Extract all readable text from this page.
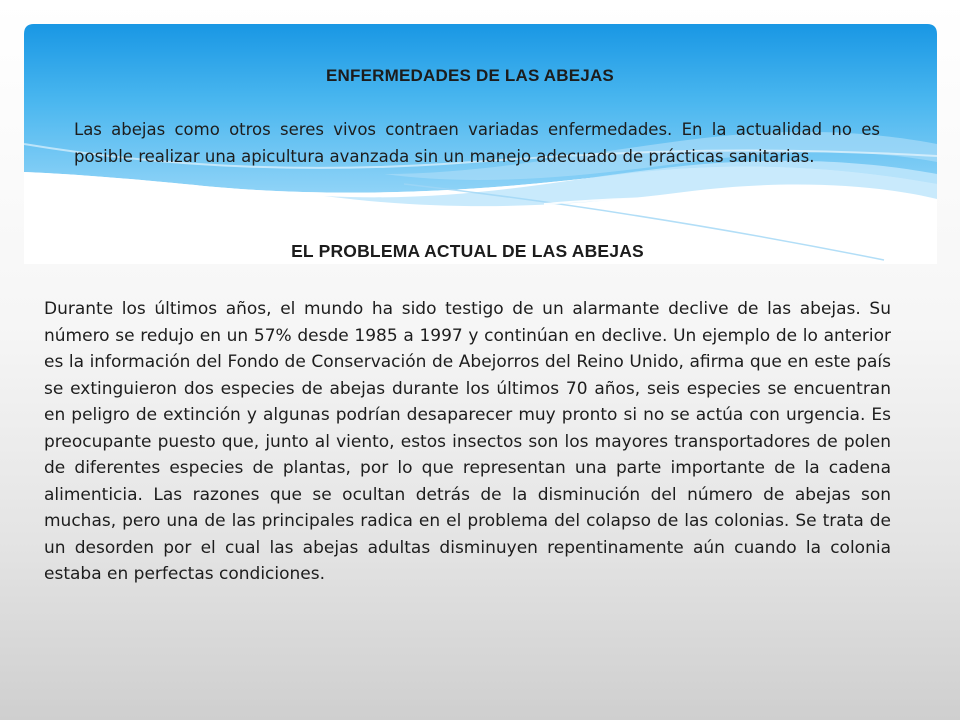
ENFERMEDADES DE LAS ABEJAS

Las abejas como otros seres vivos contraen variadas enfermedades. En la actualidad no es posible realizar una apicultura avanzada sin un manejo adecuado de prácticas sanitarias.

EL PROBLEMA ACTUAL DE LAS ABEJAS

Durante los últimos años, el mundo ha sido testigo de un alarmante declive de las abejas. Su número se redujo en un 57% desde 1985 a 1997 y continúan en declive. Un ejemplo de lo anterior es la información del Fondo de Conservación de Abejorros del Reino Unido, afirma que en este país se extinguieron dos especies de abejas durante los últimos 70 años, seis especies se encuentran en peligro de extinción y algunas podrían desaparecer muy pronto si no se actúa con urgencia. Es preocupante puesto que, junto al viento, estos insectos son los mayores transportadores de polen de diferentes especies de plantas, por lo que representan una parte importante de la cadena alimenticia. Las razones que se ocultan detrás de la disminución del número de abejas son muchas, pero una de las principales radica en el problema del colapso de las colonias. Se trata de un desorden por el cual las abejas adultas disminuyen repentinamente aún cuando la colonia estaba en perfectas condiciones.
